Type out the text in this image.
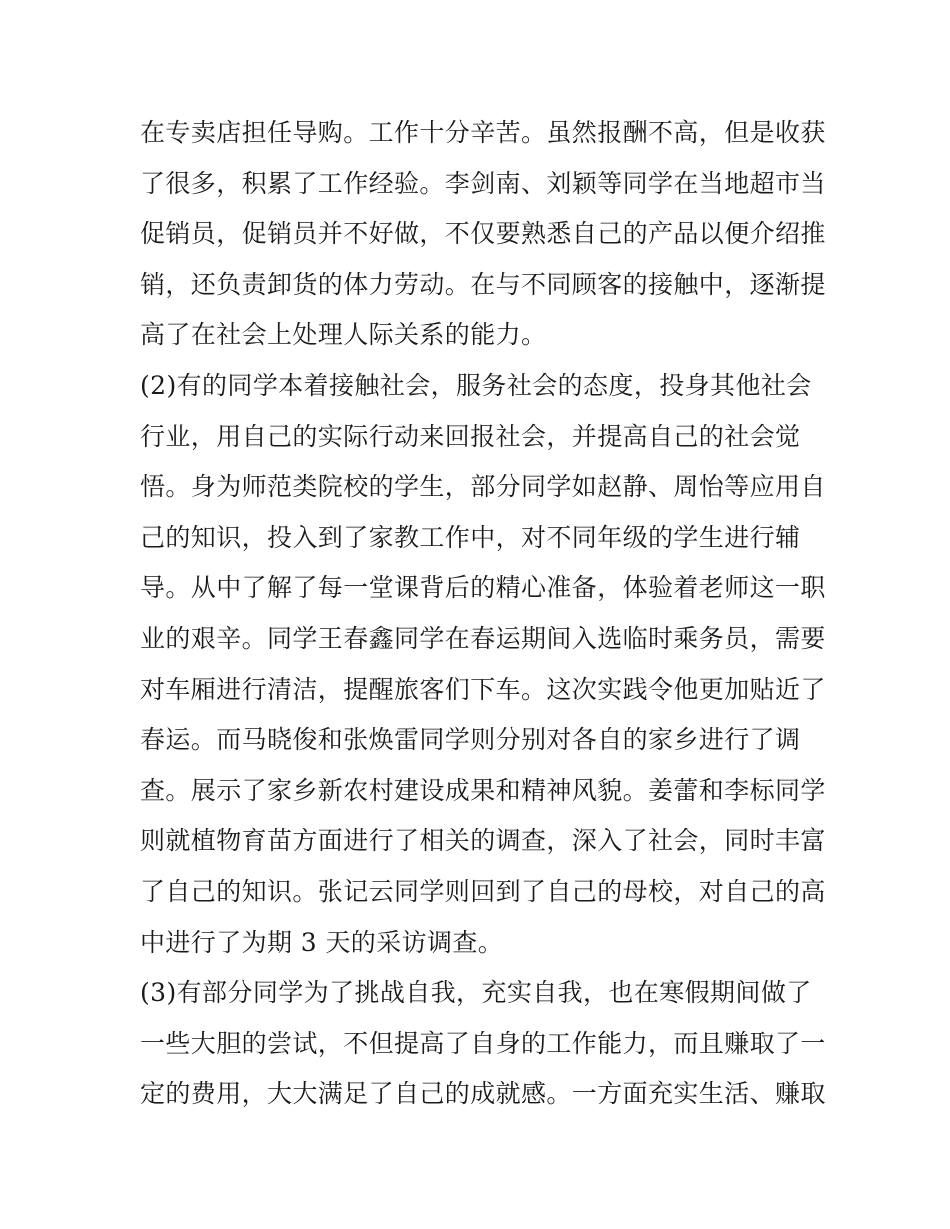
在专卖店担任导购。工作十分辛苦。虽然报酬不高，但是收获
了很多，积累了工作经验。李剑南、刘颖等同学在当地超市当
促销员，促销员并不好做，不仅要熟悉自己的产品以便介绍推
销，还负责卸货的体力劳动。在与不同顾客的接触中，逐渐提
高了在社会上处理人际关系的能力。
(2)有的同学本着接触社会，服务社会的态度，投身其他社会
行业，用自己的实际行动来回报社会，并提高自己的社会觉
悟。身为师范类院校的学生，部分同学如赵静、周怡等应用自
己的知识，投入到了家教工作中，对不同年级的学生进行辅
导。从中了解了每一堂课背后的精心准备，体验着老师这一职
业的艰辛。同学王春鑫同学在春运期间入选临时乘务员，需要
对车厢进行清洁，提醒旅客们下车。这次实践令他更加贴近了
春运。而马晓俊和张焕雷同学则分别对各自的家乡进行了调
查。展示了家乡新农村建设成果和精神风貌。姜蕾和李标同学
则就植物育苗方面进行了相关的调查，深入了社会，同时丰富
了自己的知识。张记云同学则回到了自己的母校，对自己的高
中进行了为期 3 天的采访调查。
(3)有部分同学为了挑战自我，充实自我，也在寒假期间做了
一些大胆的尝试，不但提高了自身的工作能力，而且赚取了一
定的费用，大大满足了自己的成就感。一方面充实生活、赚取
